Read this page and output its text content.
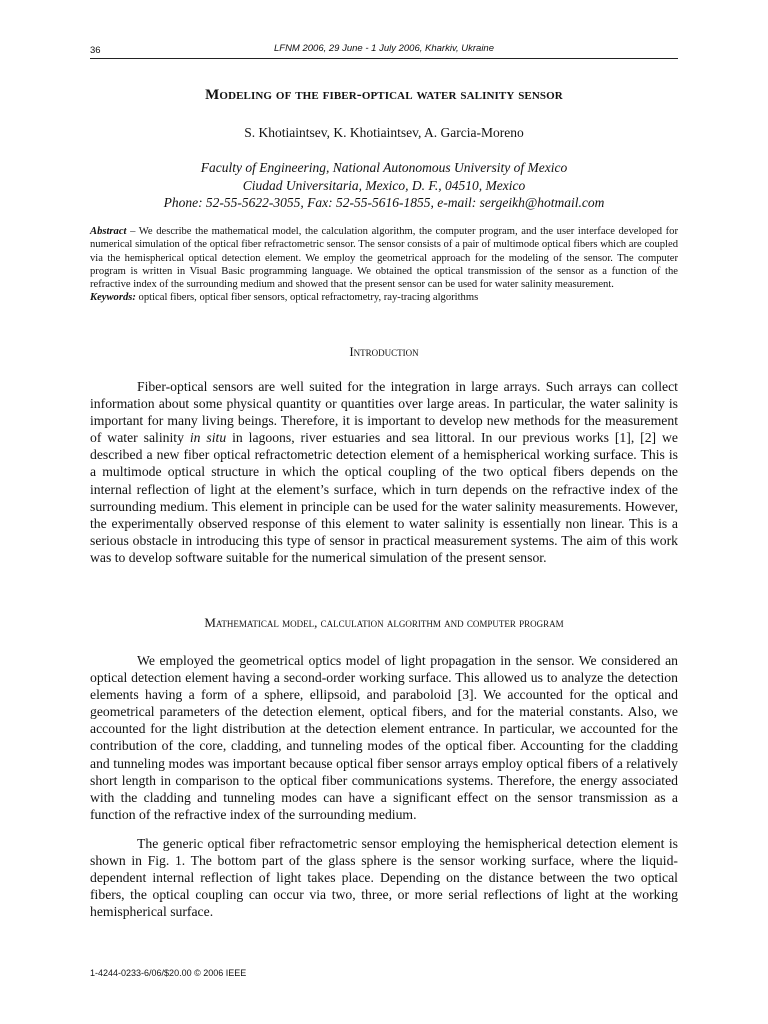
36	LFNM 2006, 29 June - 1 July 2006, Kharkiv, Ukraine
Modeling of the fiber-optical water salinity sensor
S. Khotiaintsev, K. Khotiaintsev, A. Garcia-Moreno
Faculty of Engineering, National Autonomous University of Mexico
Ciudad Universitaria, Mexico, D. F., 04510, Mexico
Phone: 52-55-5622-3055, Fax: 52-55-5616-1855, e-mail: sergeikh@hotmail.com
Abstract – We describe the mathematical model, the calculation algorithm, the computer program, and the user interface developed for numerical simulation of the optical fiber refractometric sensor. The sensor consists of a pair of multimode optical fibers which are coupled via the hemispherical optical detection element. We employ the geometrical approach for the modeling of the sensor. The computer program is written in Visual Basic programming language. We obtained the optical transmission of the sensor as a function of the refractive index of the surrounding medium and showed that the present sensor can be used for water salinity measurement.
Keywords: optical fibers, optical fiber sensors, optical refractometry, ray-tracing algorithms
Introduction
Fiber-optical sensors are well suited for the integration in large arrays. Such arrays can collect information about some physical quantity or quantities over large areas. In particular, the water salinity is important for many living beings. Therefore, it is important to develop new methods for the measurement of water salinity in situ in lagoons, river estuaries and sea littoral. In our previous works [1], [2] we described a new fiber optical refractometric detection element of a hemispherical working surface. This is a multimode optical structure in which the optical coupling of the two optical fibers depends on the internal reflection of light at the element’s surface, which in turn depends on the refractive index of the surrounding medium. This element in principle can be used for the water salinity measurements. However, the experimentally observed response of this element to water salinity is essentially non linear. This is a serious obstacle in introducing this type of sensor in practical measurement systems. The aim of this work was to develop software suitable for the numerical simulation of the present sensor.
Mathematical model, calculation algorithm and computer program
We employed the geometrical optics model of light propagation in the sensor. We considered an optical detection element having a second-order working surface. This allowed us to analyze the detection elements having a form of a sphere, ellipsoid, and paraboloid [3]. We accounted for the optical and geometrical parameters of the detection element, optical fibers, and for the material constants. Also, we accounted for the light distribution at the detection element entrance. In particular, we accounted for the contribution of the core, cladding, and tunneling modes of the optical fiber. Accounting for the cladding and tunneling modes was important because optical fiber sensor arrays employ optical fibers of a relatively short length in comparison to the optical fiber communications systems. Therefore, the energy associated with the cladding and tunneling modes can have a significant effect on the sensor transmission as a function of the refractive index of the surrounding medium.
The generic optical fiber refractometric sensor employing the hemispherical detection element is shown in Fig. 1. The bottom part of the glass sphere is the sensor working surface, where the liquid-dependent internal reflection of light takes place. Depending on the distance between the two optical fibers, the optical coupling can occur via two, three, or more serial reflections of light at the working hemispherical surface.
1-4244-0233-6/06/$20.00 © 2006 IEEE
